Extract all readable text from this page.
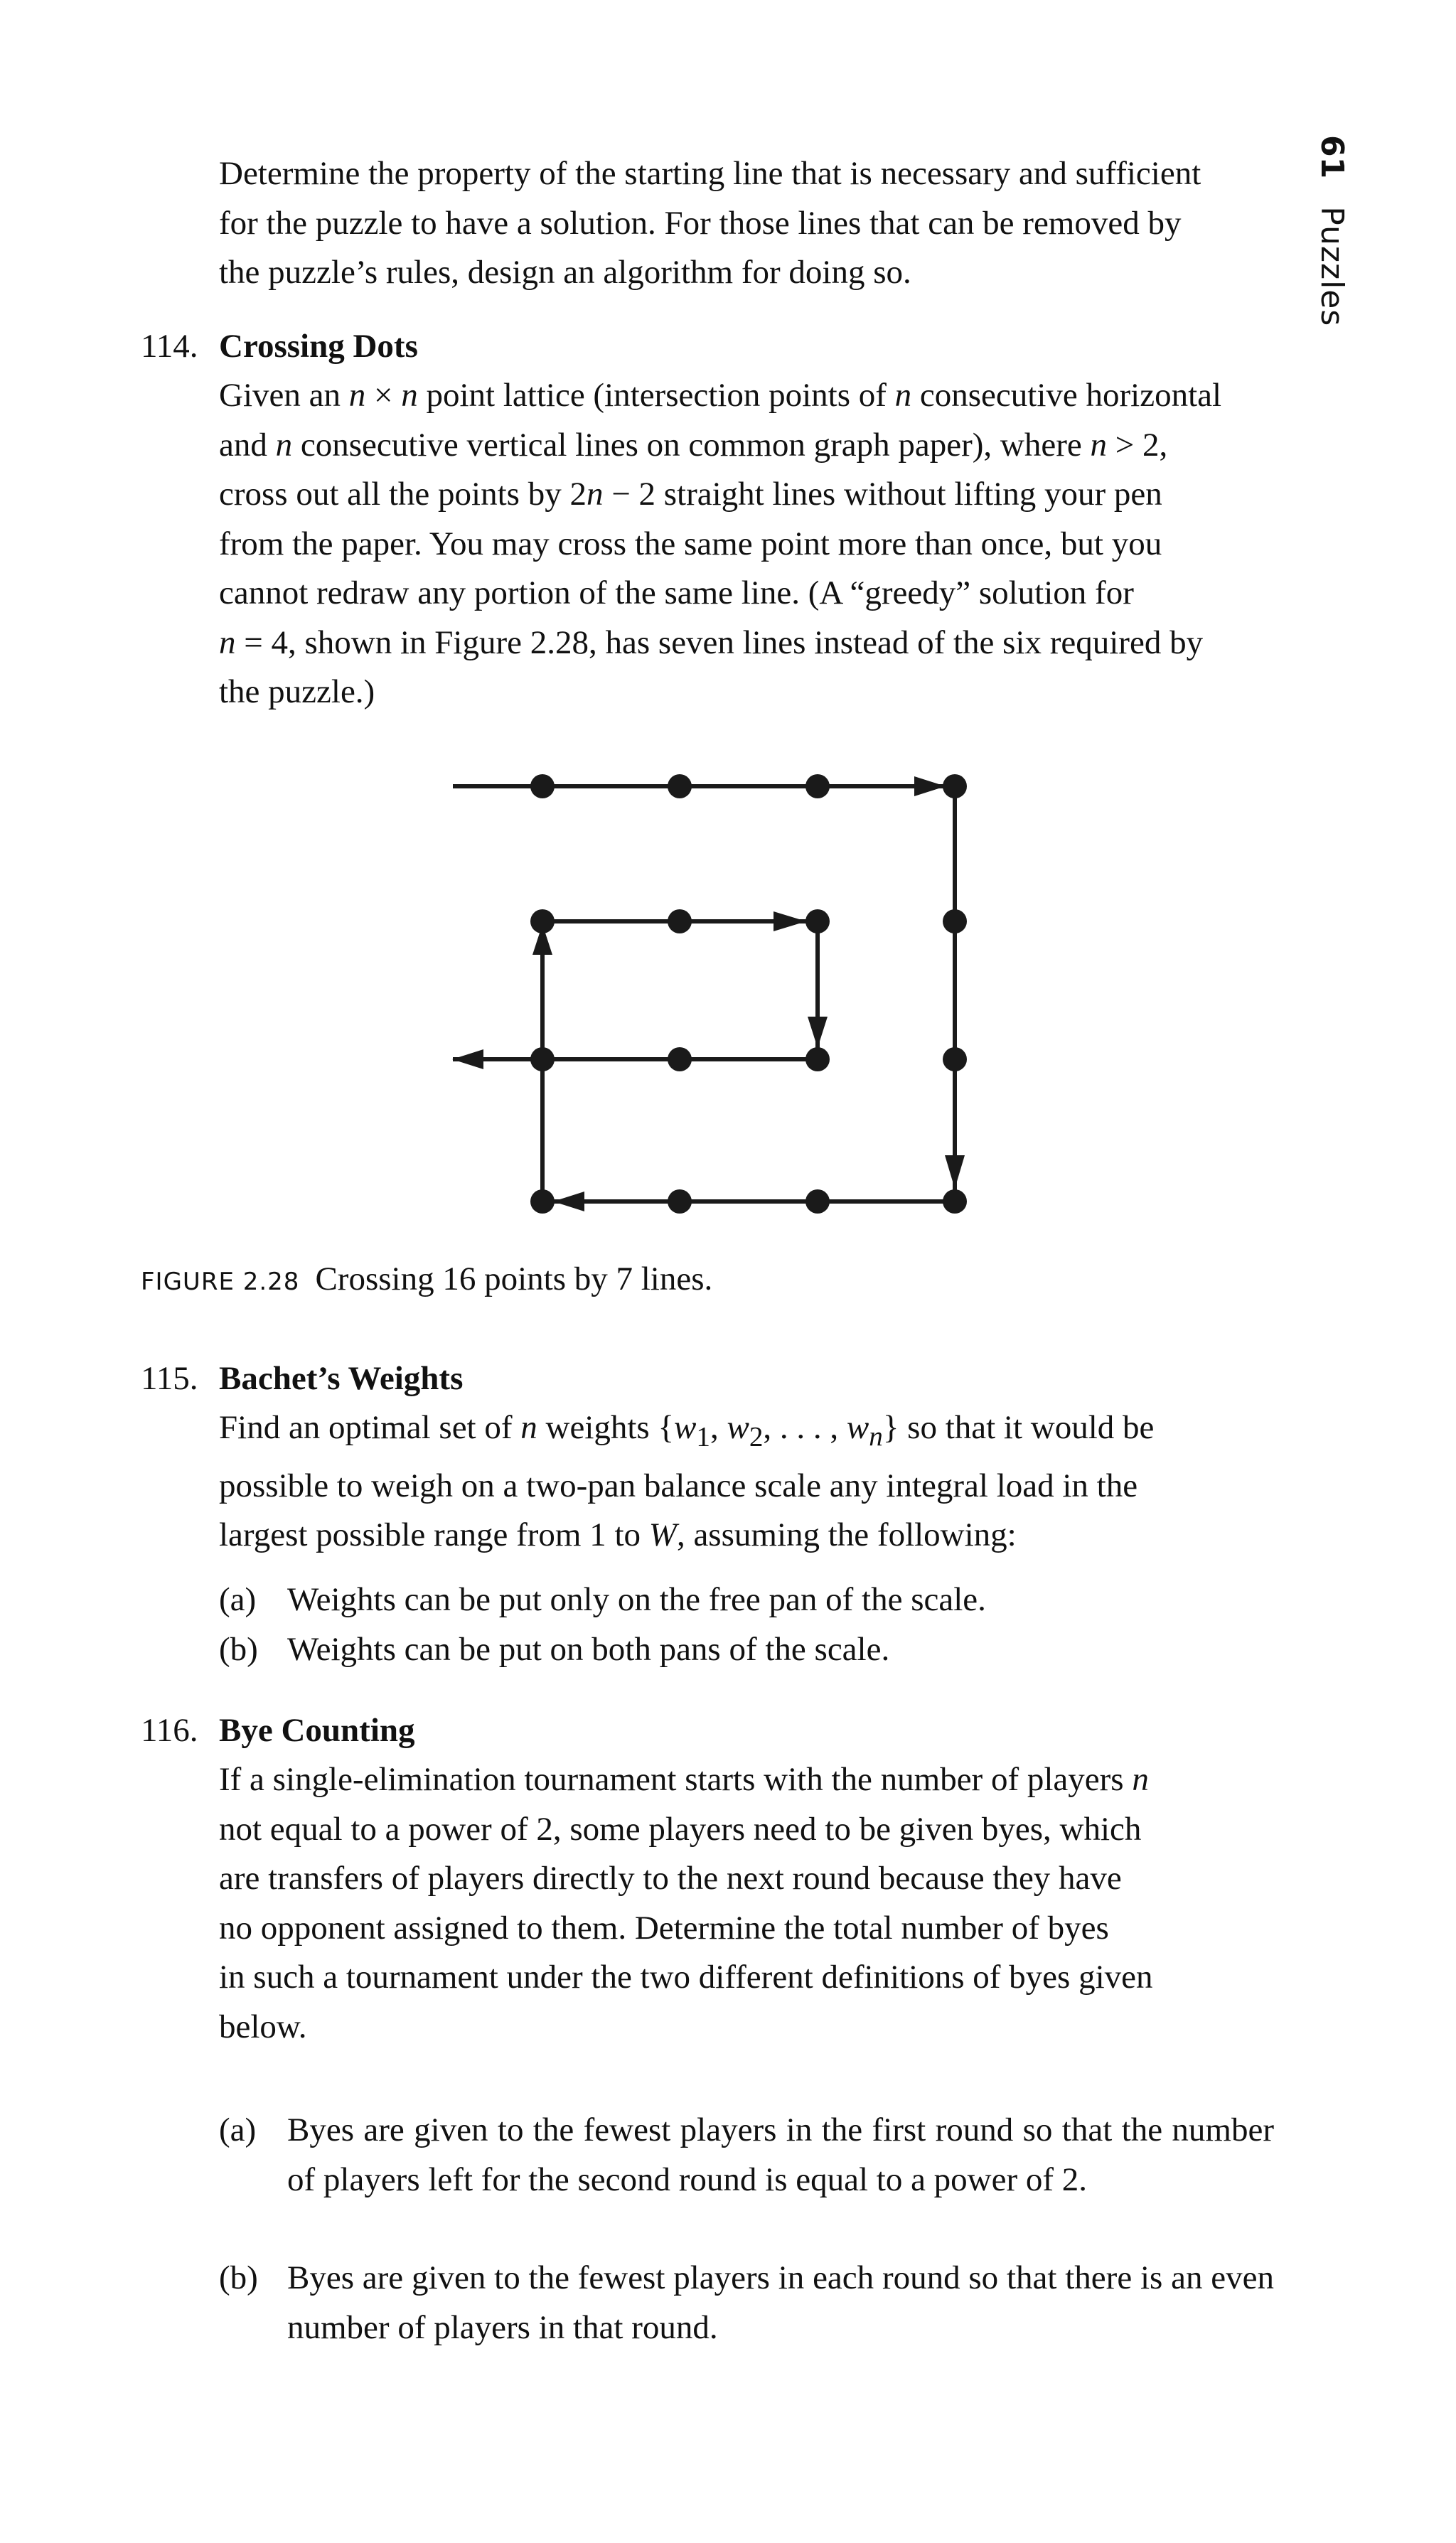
61 Puzzles

Determine the property of the starting line that is necessary and sufficient
for the puzzle to have a solution. For those lines that can be removed by
the puzzle’s rules, design an algorithm for doing so.

114. Crossing Dots

Given an n × n point lattice (intersection points of n consecutive horizontal
and n consecutive vertical lines on common graph paper), where n > 2,
cross out all the points by 2n − 2 straight lines without lifting your pen
from the paper. You may cross the same point more than once, but you
cannot redraw any portion of the same line. (A “greedy” solution for
n = 4, shown in Figure 2.28, has seven lines instead of the six required by
the puzzle.)

FIGURE 2.28 Crossing 16 points by 7 lines.
115. Bachet’s Weights

Find an optimal set of n weights {$w_1$, $w_2$, . . . , $w_n$} so that it would be
possible to weigh on a two-pan balance scale any integral load in the
largest possible range from 1 to W, assuming the following:

(a) Weights can be put only on the free pan of the scale.
(b) Weights can be put on both pans of the scale.
116. Bye Counting

If a single-elimination tournament starts with the number of players n
not equal to a power of 2, some players need to be given byes, which
are transfers of players directly to the next round because they have
no opponent assigned to them. Determine the total number of byes
in such a tournament under the two different definitions of byes given
below.

(a) Byes are given to the fewest players in the first round so that the number of players left for the second round is equal to a power of 2.
(b) Byes are given to the fewest players in each round so that there is an even number of players in that round.
